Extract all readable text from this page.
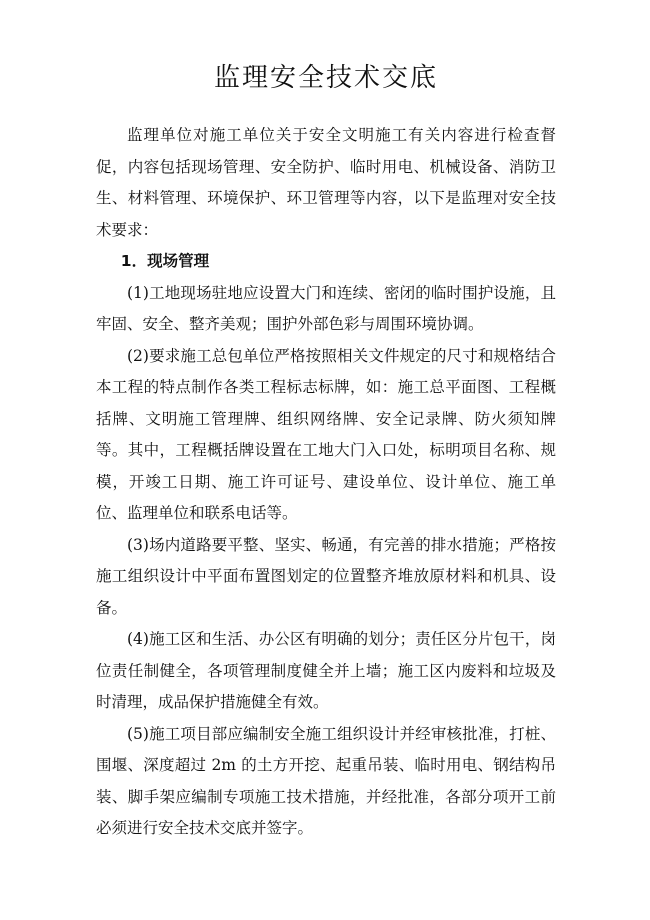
监理安全技术交底

监理单位对施工单位关于安全文明施工有关内容进行检查督促，内容包括现场管理、安全防护、临时用电、机械设备、消防卫生、材料管理、环境保护、环卫管理等内容，以下是监理对安全技术要求：

1．现场管理

(1)工地现场驻地应设置大门和连续、密闭的临时围护设施，且牢固、安全、整齐美观；围护外部色彩与周围环境协调。

(2)要求施工总包单位严格按照相关文件规定的尺寸和规格结合本工程的特点制作各类工程标志标牌，如：施工总平面图、工程概括牌、文明施工管理牌、组织网络牌、安全记录牌、防火须知牌等。其中，工程概括牌设置在工地大门入口处，标明项目名称、规模，开竣工日期、施工许可证号、建设单位、设计单位、施工单位、监理单位和联系电话等。

(3)场内道路要平整、坚实、畅通，有完善的排水措施；严格按施工组织设计中平面布置图划定的位置整齐堆放原材料和机具、设备。

(4)施工区和生活、办公区有明确的划分；责任区分片包干，岗位责任制健全，各项管理制度健全并上墙；施工区内废料和垃圾及时清理，成品保护措施健全有效。

(5)施工项目部应编制安全施工组织设计并经审核批准，打桩、围堰、深度超过 2m 的土方开挖、起重吊装、临时用电、钢结构吊装、脚手架应编制专项施工技术措施，并经批准，各部分项开工前必须进行安全技术交底并签字。
